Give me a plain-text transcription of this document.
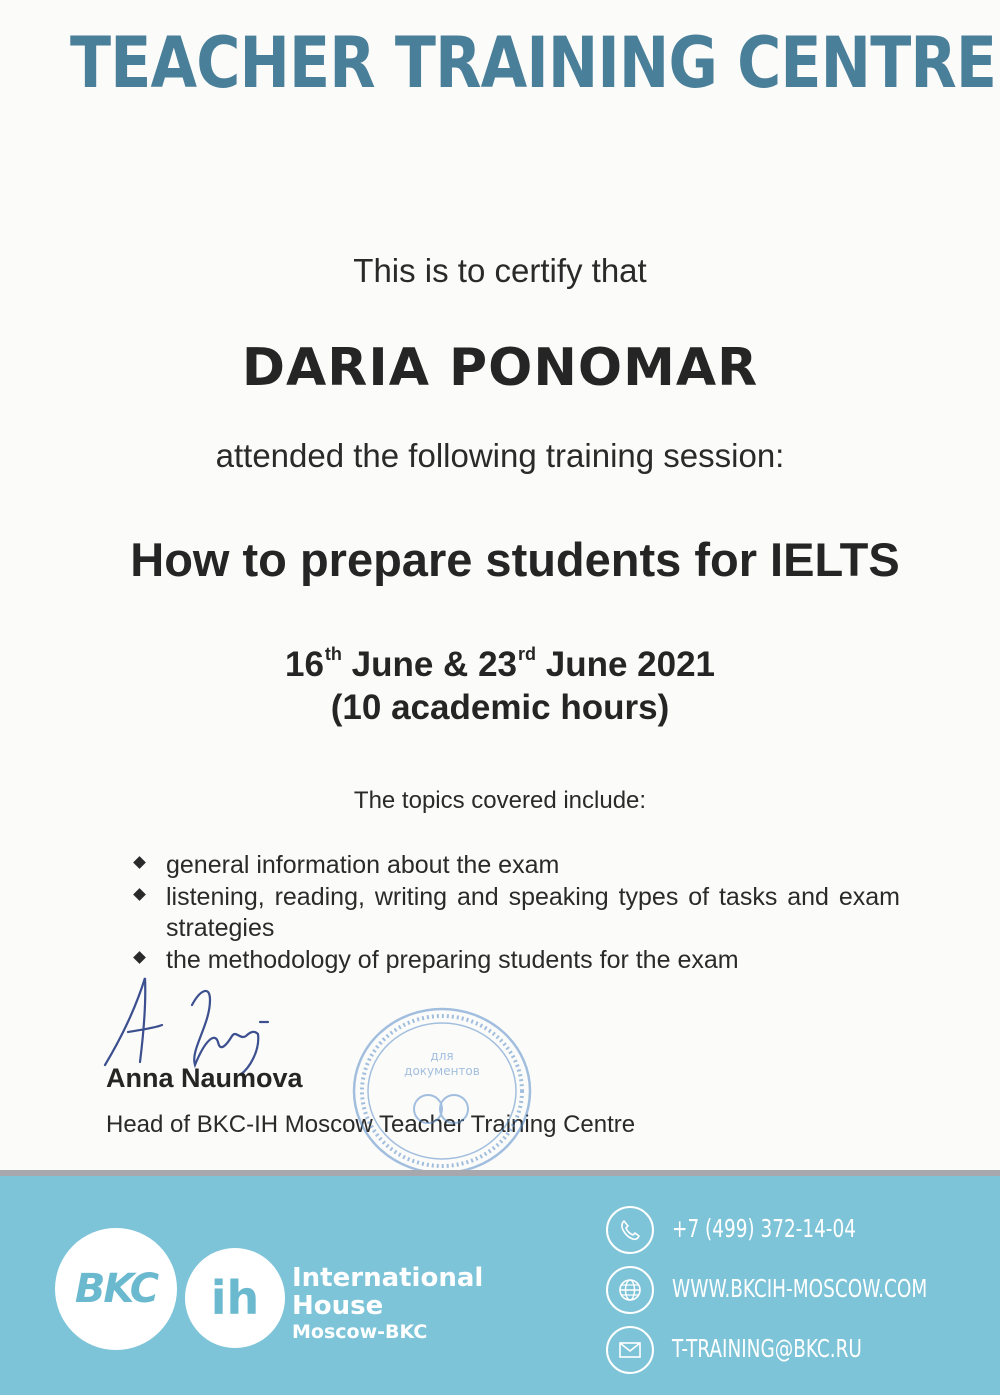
TEACHER TRAINING CENTRE
This is to certify that
DARIA PONOMAR
attended the following training session:
How to prepare students for IELTS
16th June & 23rd June 2021
(10 academic hours)
The topics covered include:
general information about the exam
listening, reading, writing and speaking types of tasks and exam strategies
the methodology of preparing students for the exam
Anna Naumova
Head of BKC-IH Moscow Teacher Training Centre
для
документов
BKC	ih	International
House
Moscow-BKC
+7 (499) 372-14-04
WWW.BKCIH-MOSCOW.COM
T-TRAINING@BKC.RU
